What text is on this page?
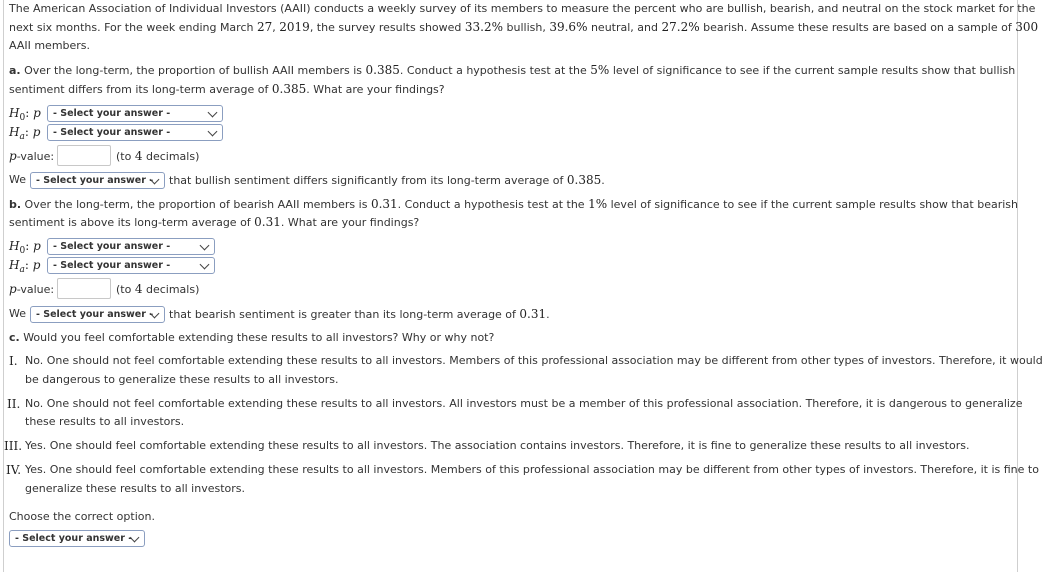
The American Association of Individual Investors (AAII) conducts a weekly survey of its members to measure the percent who are bullish, bearish, and neutral on the stock market for the
next six months. For the week ending March 27, 2019, the survey results showed 33.2% bullish, 39.6% neutral, and 27.2% bearish. Assume these results are based on a sample of 300
AAII members.
a. Over the long-term, the proportion of bullish AAII members is 0.385. Conduct a hypothesis test at the 5% level of significance to see if the current sample results show that bullish
sentiment differs from its long-term average of 0.385. What are your findings?
$H_0$: p	- Select your answer -
$H_a$: p	- Select your answer -
p-value:	(to 4 decimals)
We	- Select your answer -	that bullish sentiment differs significantly from its long-term average of 0.385.
b. Over the long-term, the proportion of bearish AAII members is 0.31. Conduct a hypothesis test at the 1% level of significance to see if the current sample results show that bearish
sentiment is above its long-term average of 0.31. What are your findings?
$H_0$: p	- Select your answer -
$H_a$: p	- Select your answer -
p-value:	(to 4 decimals)
We	- Select your answer -	that bearish sentiment is greater than its long-term average of 0.31.
c. Would you feel comfortable extending these results to all investors? Why or why not?
I. No. One should not feel comfortable extending these results to all investors. Members of this professional association may be different from other types of investors. Therefore, it would
be dangerous to generalize these results to all investors.
II. No. One should not feel comfortable extending these results to all investors. All investors must be a member of this professional association. Therefore, it is dangerous to generalize
these results to all investors.
III. Yes. One should feel comfortable extending these results to all investors. The association contains investors. Therefore, it is fine to generalize these results to all investors.
IV. Yes. One should feel comfortable extending these results to all investors. Members of this professional association may be different from other types of investors. Therefore, it is fine to
generalize these results to all investors.
Choose the correct option.
- Select your answer -
